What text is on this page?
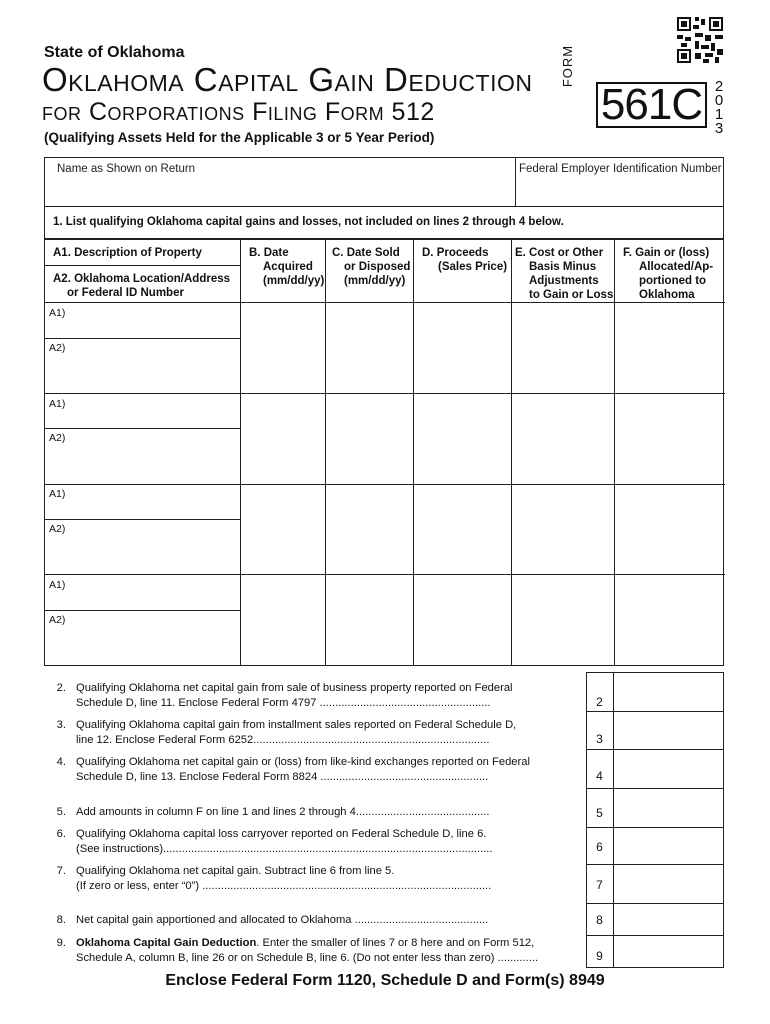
State of Oklahoma
Oklahoma Capital Gain Deduction
for Corporations Filing Form 512
(Qualifying Assets Held for the Applicable 3 or 5 Year Period)
FORM
561C 2
0
1
3
Name as Shown on Return	Federal Employer Identification Number
1. List qualifying Oklahoma capital gains and losses, not included on lines 2 through 4 below.
A1. Description of Property
A2. Oklahoma Location/Address
or Federal ID Number
B. Date
Acquired
(mm/dd/yy)
C. Date Sold
or Disposed
(mm/dd/yy)
D. Proceeds
(Sales Price)
E. Cost or Other
Basis Minus
Adjustments
to Gain or Loss
F. Gain or (loss)
Allocated/Ap-
portioned to
Oklahoma
A1)
A2)
A1)
A2)
A1)
A2)
A1)
A2)
2. Qualifying Oklahoma net capital gain from sale of business property reported on Federal
Schedule D, line 11. Enclose Federal Form 4797 .......................................................
3. Qualifying Oklahoma capital gain from installment sales reported on Federal Schedule D,
line 12. Enclose Federal Form 6252............................................................................
4. Qualifying Oklahoma net capital gain or (loss) from like-kind exchanges reported on Federal
Schedule D, line 13. Enclose Federal Form 8824 ......................................................
5. Add amounts in column F on line 1 and lines 2 through 4...........................................
6. Qualifying Oklahoma capital loss carryover reported on Federal Schedule D, line 6.
(See instructions)..........................................................................................................
7. Qualifying Oklahoma net capital gain. Subtract line 6 from line 5.
(If zero or less, enter “0”) .............................................................................................
8. Net capital gain apportioned and allocated to Oklahoma ...........................................
9. Oklahoma Capital Gain Deduction. Enter the smaller of lines 7 or 8 here and on Form 512,
Schedule A, column B, line 26 or on Schedule B, line 6. (Do not enter less than zero) .............
2
3
4
5
6
7
8
9
Enclose Federal Form 1120, Schedule D and Form(s) 8949
